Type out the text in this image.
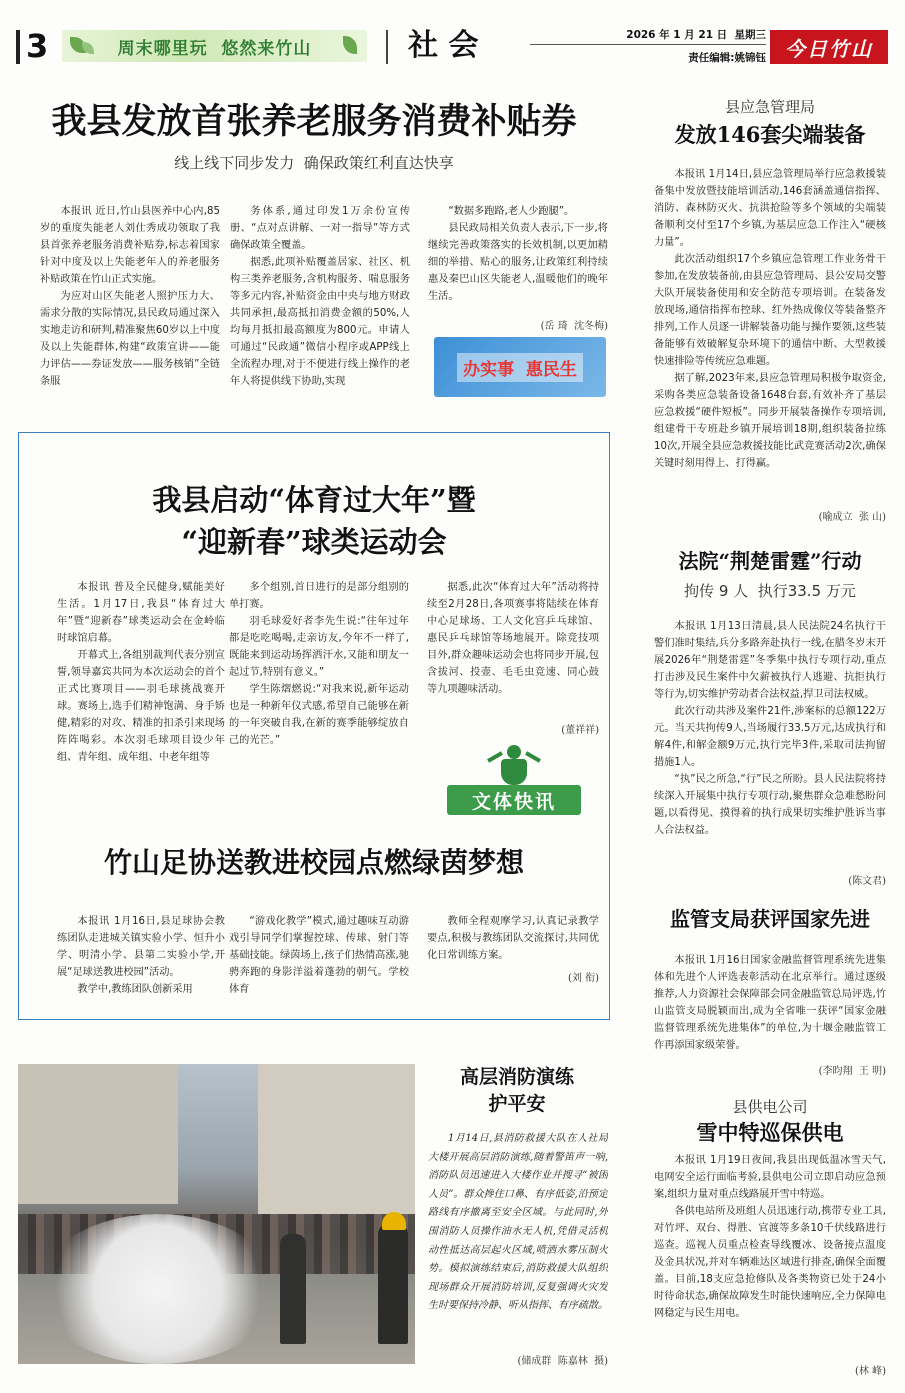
3	周末哪里玩  悠然来竹山	社 会	2026 年 1 月 21 日  星期三
责任编辑:姚锦钰 今日竹山
我县发放首张养老服务消费补贴券
线上线下同步发力  确保政策红利直达快享

本报讯 近日,竹山县医养中心内,85岁的重度失能老人刘仕秀成功领取了我县首张养老服务消费补贴券,标志着国家针对中度及以上失能老年人的养老服务补贴政策在竹山正式实施。

为应对山区失能老人照护压力大、需求分散的实际情况,县民政局通过深入实地走访和研判,精准聚焦60岁以上中度及以上失能群体,构建“政策宣讲——能力评估——券证发放——服务核销”全链条服

务体系,通过印发1万余份宣传册、“点对点讲解、一对一指导”等方式确保政策全覆盖。

据悉,此项补贴覆盖居家、社区、机构三类养老服务,含机构服务、喘息服务等多元内容,补贴资金由中央与地方财政共同承担,最高抵扣消费金额的50%,人均每月抵扣最高额度为800元。申请人可通过“民政通”微信小程序或APP线上全流程办理,对于不便进行线上操作的老年人将提供线下协助,实现

“数据多跑路,老人少跑腿”。

县民政局相关负责人表示,下一步,将继续完善政策落实的长效机制,以更加精细的举措、贴心的服务,让政策红利持续惠及秦巴山区失能老人,温暖他们的晚年生活。

(岳 琦  沈冬梅)
办实事  惠民生
我县启动“体育过大年”暨
“迎新春”球类运动会

本报讯 普及全民健身,赋能美好生活。1月17日,我县“体育过大年”暨“迎新春”球类运动会在金岭临时球馆启幕。

开幕式上,各组别裁判代表分别宣誓,领导嘉宾共同为本次运动会的首个正式比赛项目——羽毛球挑战赛开球。赛场上,选手们精神饱满、身手矫健,精彩的对攻、精准的扣杀引来现场阵阵喝彩。本次羽毛球项目设少年组、青年组、成年组、中老年组等

多个组别,首日进行的是部分组别的单打赛。

羽毛球爱好者李先生说:“往年过年都是吃吃喝喝,走亲访友,今年不一样了,既能来到运动场挥洒汗水,又能和朋友一起过节,特别有意义。”

学生陈熠燃说:“对我来说,新年运动也是一种新年仪式感,希望自己能够在新的一年突破自我,在新的赛季能够绽放自己的光芒。”

据悉,此次“体育过大年”活动将持续至2月28日,各项赛事将陆续在体育中心足球场、工人文化宫乒乓球馆、惠民乒乓球馆等场地展开。除竞技项目外,群众趣味运动会也将同步开展,包含拔河、投壶、毛毛虫竞速、同心鼓等九项趣味活动。

(董祥祥)
文体快讯
竹山足协送教进校园点燃绿茵梦想

本报讯 1月16日,县足球协会教练团队走进城关镇实验小学、恒升小学、明清小学、县第二实验小学,开展“足球送教进校园”活动。

教学中,教练团队创新采用

“游戏化教学”模式,通过趣味互动游戏引导同学们掌握控球、传球、射门等基础技能。绿茵场上,孩子们热情高涨,驰骋奔跑的身影洋溢着蓬勃的朝气。学校体育

教师全程观摩学习,认真记录教学要点,积极与教练团队交流探讨,共同优化日常训练方案。

(刘 衔)
高层消防演练
护平安

1月14日,县消防救援大队在人社局大楼开展高层消防演练,随着警笛声一响,消防队员迅速进入大楼作业并搜寻“被困人员”。群众搀住口鼻、有序低姿,沿预定路线有序撤离至安全区域。与此同时,外围消防人员操作油水无人机,凭借灵活机动性抵达高层起火区域,喷洒水雾压制火势。模拟演练结束后,消防救援大队组织现场群众开展消防培训,反复强调火灾发生时要保持冷静、听从指挥、有序疏散。

(储成群  陈嘉林  摄)
县应急管理局
发放146套尖端装备

本报讯 1月14日,县应急管理局举行应急救援装备集中发放暨技能培训活动,146套涵盖通信指挥、消防、森林防灭火、抗洪抢险等多个领域的尖端装备顺利交付至17个乡镇,为基层应急工作注入“硬核力量”。

此次活动组织17个乡镇应急管理工作业务骨干参加,在发放装备前,由县应急管理局、县公安局交警大队开展装备使用和安全防范专项培训。在装备发放现场,通信指挥布控球、红外热成像仪等装备整齐排列,工作人员逐一讲解装备功能与操作要领,这些装备能够有效破解复杂环境下的通信中断、大型救援快速排险等传统应急难题。

据了解,2023年来,县应急管理局积极争取资金,采购各类应急装备设备1648台套,有效补齐了基层应急救援“硬件短板”。同步开展装备操作专项培训,组建骨干专班赴乡镇开展培训18期,组织装备拉练10次,开展全县应急救援技能比武竞赛活动2次,确保关键时刻用得上、打得赢。

(喻成立  张 山)
法院“荆楚雷霆”行动
拘传 9 人  执行33.5 万元

本报讯 1月13日清晨,县人民法院24名执行干警们准时集结,兵分多路奔赴执行一线,在腊冬岁末开展2026年“荆楚雷霆”冬季集中执行专项行动,重点打击涉及民生案件中欠薪被执行人逃避、抗拒执行等行为,切实维护劳动者合法权益,捍卫司法权威。

此次行动共涉及案件21件,涉案标的总额122万元。当天共拘传9人,当场履行33.5万元,达成执行和解4件,和解金额9万元,执行完毕3件,采取司法拘留措施1人。

“执”民之所急,“行”民之所盼。县人民法院将持续深入开展集中执行专项行动,聚焦群众急难愁盼问题,以看得见、摸得着的执行成果切实维护胜诉当事人合法权益。

(陈文君)
监管支局获评国家先进

本报讯 1月16日国家金融监督管理系统先进集体和先进个人评选表彰活动在北京举行。通过逐级推荐,人力资源社会保障部会同金融监管总局评选,竹山监管支局脱颖而出,成为全省唯一获评“国家金融监督管理系统先进集体”的单位,为十堰金融监管工作再添国家级荣誉。

(李昀翔  王 明)
县供电公司
雪中特巡保供电

本报讯 1月19日夜间,我县出现低温冰雪天气,电网安全运行面临考验,县供电公司立即启动应急预案,组织力量对重点线路展开雪中特巡。

各供电站所及班组人员迅速行动,携带专业工具,对竹坪、双台、得胜、官渡等多条10千伏线路进行巡查。巡视人员重点检查导线覆冰、设备接点温度及金具状况,并对车辆难达区域进行排查,确保全面覆盖。目前,18支应急抢修队及各类物资已处于24小时待命状态,确保故障发生时能快速响应,全力保障电网稳定与民生用电。

(林 峰)
